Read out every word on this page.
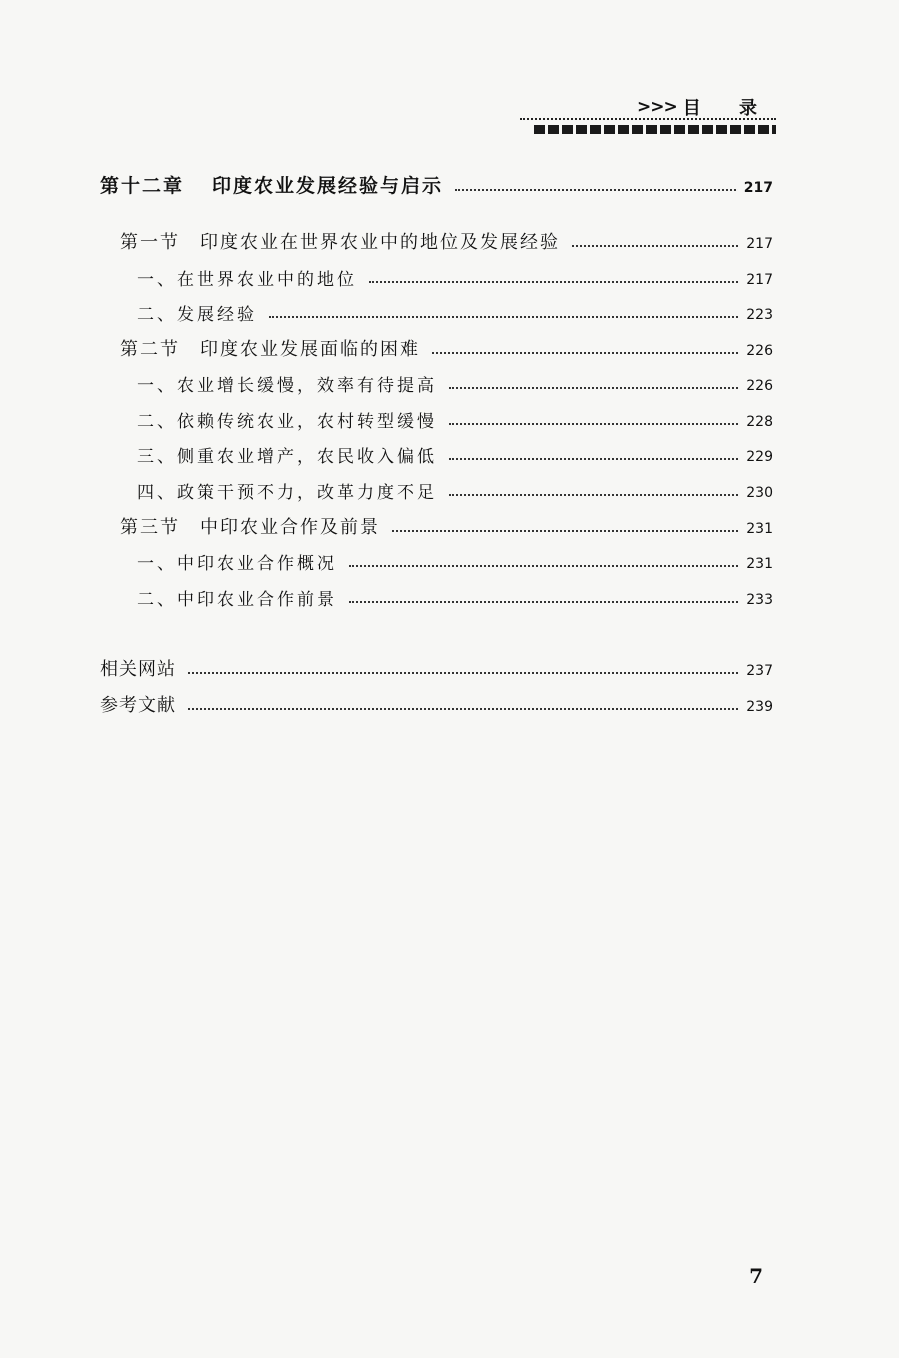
>>> 目 录
第十二章 印度农业发展经验与启示	217
第一节 印度农业在世界农业中的地位及发展经验	217
一、在世界农业中的地位	217
二、发展经验	223
第二节 印度农业发展面临的困难	226
一、农业增长缓慢，效率有待提高	226
二、依赖传统农业，农村转型缓慢	228
三、侧重农业增产，农民收入偏低	229
四、政策干预不力，改革力度不足	230
第三节 中印农业合作及前景	231
一、中印农业合作概况	231
二、中印农业合作前景	233
相关网站	237
参考文献	239
7
